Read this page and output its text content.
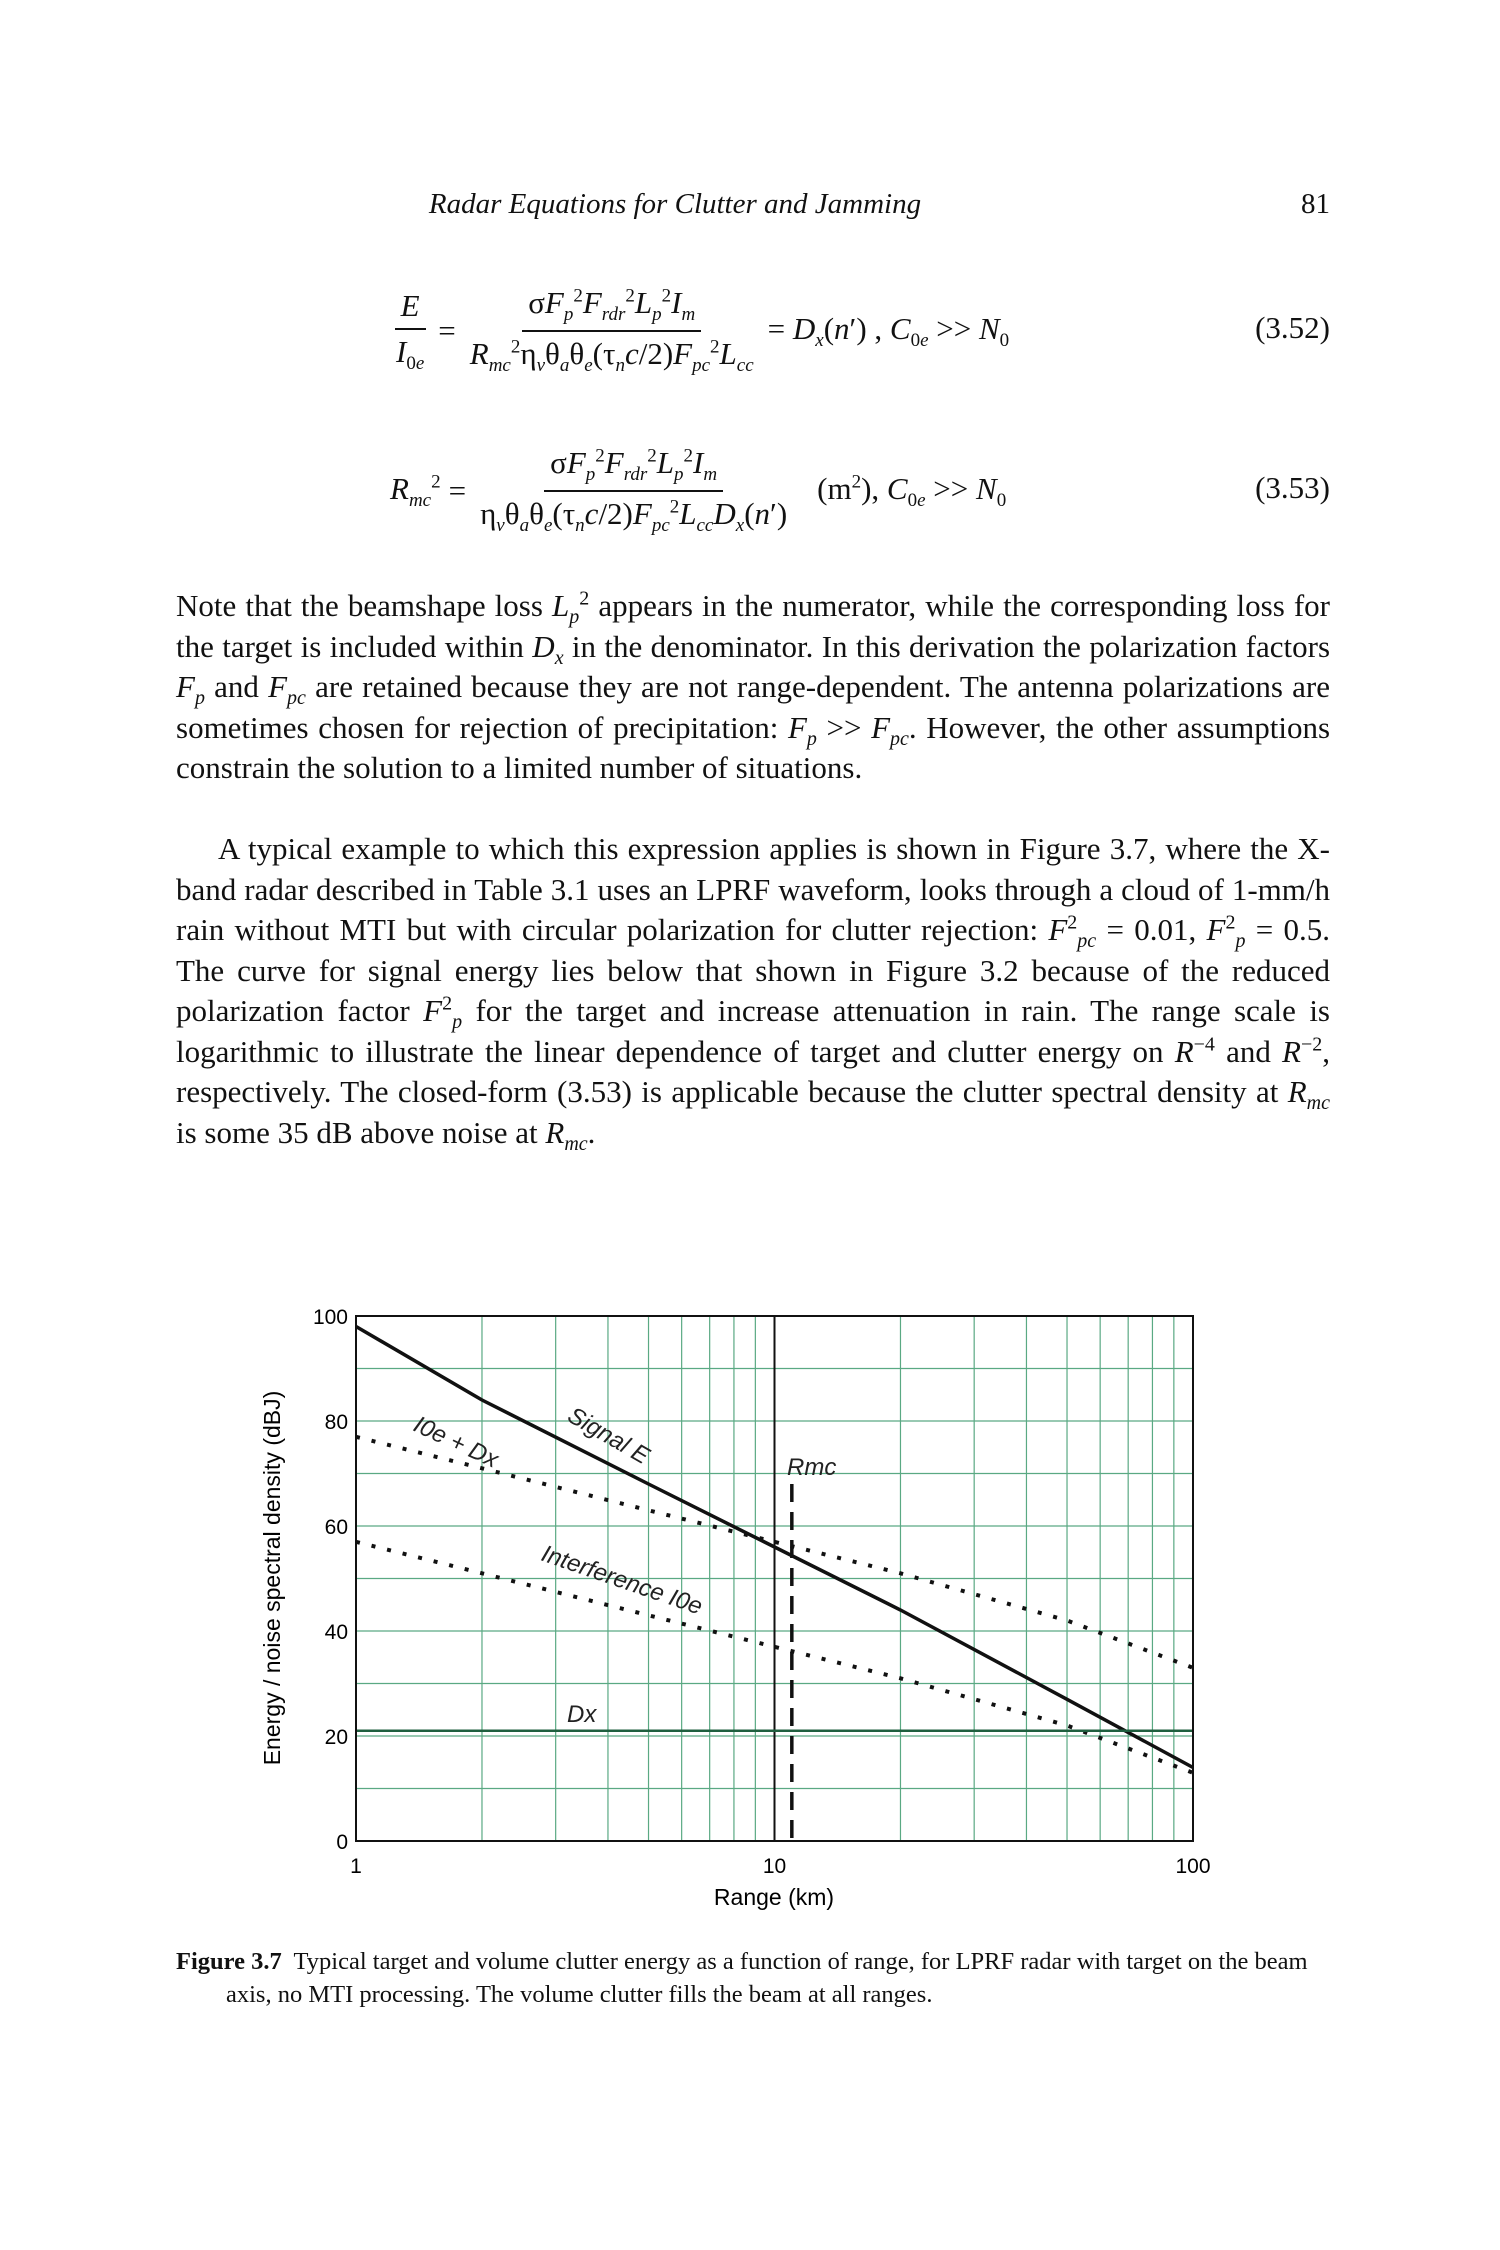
Radar Equations for Clutter and Jamming	81
$\frac{E}{I_{0e}} = \frac{\sigma F_p^2F_{rdr}^2L_p^2I_m}{R_{mc}^2\eta_v\theta_a\theta_e(\tau_nc/2)F_{pc}^2L_{cc}} = D_x(n')$ , $C_{0e} >> N_0$	(3.52)
$R_{mc}^2 = \frac{\sigma F_p^2F_{rdr}^2L_p^2I_m}{\eta_v\theta_a\theta_e(\tau_nc/2)F_{pc}^2L_{cc}D_x(n')} (m^2)$, $C_{0e} >> N_0$	(3.53)
Note that the beamshape loss $L_p^2$ appears in the numerator, while the corresponding loss for the target is included within $D_x$ in the denominator. In this derivation the polarization factors $F_p$ and $F_{pc}$ are retained because they are not range-dependent. The antenna polarizations are sometimes chosen for rejection of precipitation: $F_p >> F_{pc}$. However, the other assumptions constrain the solution to a limited number of situations.
A typical example to which this expression applies is shown in Figure 3.7, where the X-band radar described in Table 3.1 uses an LPRF waveform, looks through a cloud of 1-mm/h rain without MTI but with circular polarization for clutter rejection: $F^2_{pc} = 0.01$, $F^2_p = 0.5$. The curve for signal energy lies below that shown in Figure 3.2 because of the reduced polarization factor $F^2_p$ for the target and increase attenuation in rain. The range scale is logarithmic to illustrate the linear dependence of target and clutter energy on $R^{-4}$ and $R^{-2}$, respectively. The closed-form (3.53) is applicable because the clutter spectral density at $R_{mc}$ is some 35 dB above noise at $R_{mc}$.
0
20
40
60
80
100
1	10	100
Range (km)
Energy / noise spectral density (dBJ)	Signal E
I0e + Dx
Interference I0e
Dx
Rmc
Figure 3.7 Typical target and volume clutter energy as a function of range, for LPRF radar with target on the beam axis, no MTI processing. The volume clutter fills the beam at all ranges.
